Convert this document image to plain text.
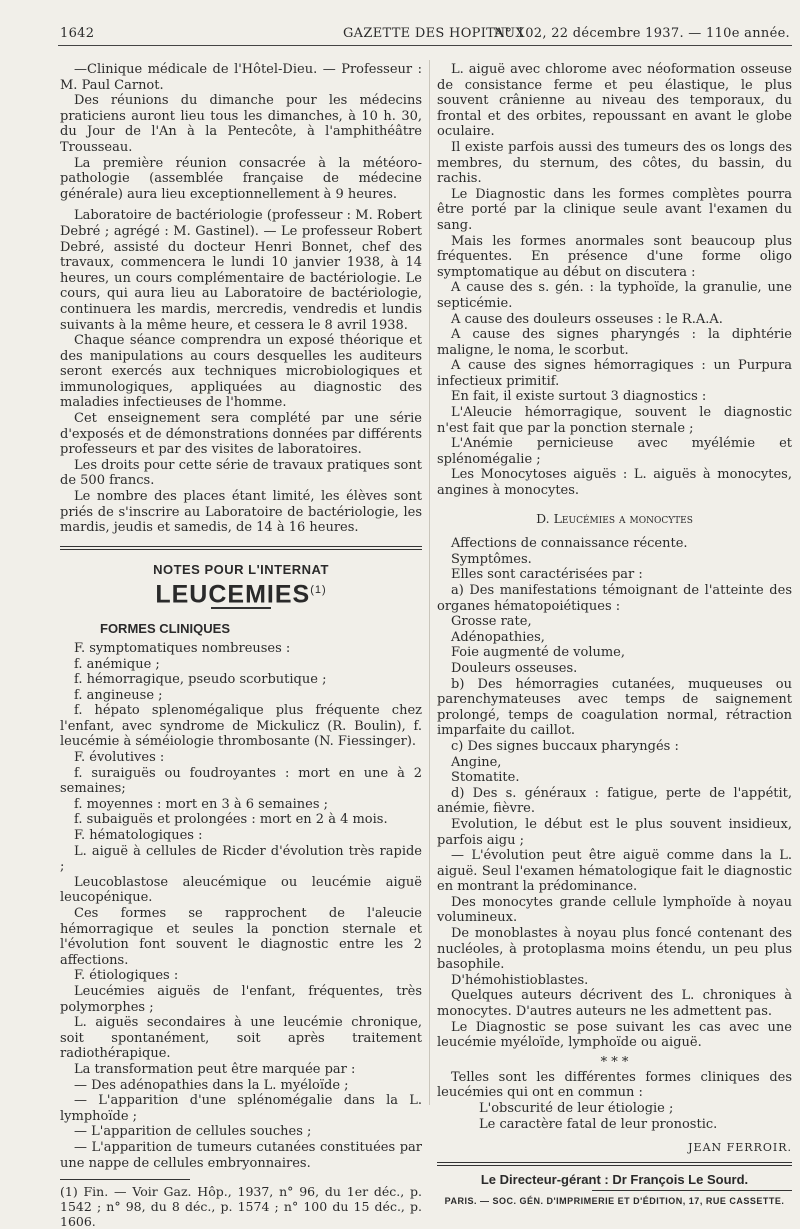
1642	GAZETTE DES HOPITAUX
N° 102, 22 décembre 1937. — 110e année.

—Clinique médicale de l'Hôtel-Dieu. — Professeur : M. Paul Carnot.

Des réunions du dimanche pour les médecins praticiens auront lieu tous les dimanches, à 10 h. 30, du Jour de l'An à la Pentecôte, à l'amphithéâtre Trousseau.

La première réunion consacrée à la météoro-pathologie (assemblée française de médecine générale) aura lieu exceptionnellement à 9 heures.

Laboratoire de bactériologie (professeur : M. Robert Debré ; agrégé : M. Gastinel). — Le professeur Robert Debré, assisté du docteur Henri Bonnet, chef des travaux, commencera le lundi 10 janvier 1938, à 14 heures, un cours complémentaire de bactériologie. Le cours, qui aura lieu au Laboratoire de bactériologie, continuera les mardis, mercredis, vendredis et lundis suivants à la même heure, et cessera le 8 avril 1938.

Chaque séance comprendra un exposé théorique et des manipulations au cours desquelles les auditeurs seront exercés aux techniques microbiologiques et immunologiques, appliquées au diagnostic des maladies infectieuses de l'homme.

Cet enseignement sera complété par une série d'exposés et de démonstrations données par différents professeurs et par des visites de laboratoires.

Les droits pour cette série de travaux pratiques sont de 500 francs.

Le nombre des places étant limité, les élèves sont priés de s'inscrire au Laboratoire de bactériologie, les mardis, jeudis et samedis, de 14 à 16 heures.

NOTES POUR L'INTERNAT
LEUCEMIES$^{(1)}$
FORMES CLINIQUES

F. symptomatiques nombreuses :

f. anémique ;

f. hémorragique, pseudo scorbutique ;

f. angineuse ;

f. hépato splenomégalique plus fréquente chez l'enfant, avec syndrome de Mickulicz (R. Boulin), f. leucémie à séméiologie thrombosante (N. Fiessinger).

F. évolutives :

f. suraiguës ou foudroyantes : mort en une à 2 semaines;

f. moyennes : mort en 3 à 6 semaines ;

f. subaiguës et prolongées : mort en 2 à 4 mois.

F. hématologiques :

L. aiguë à cellules de Ricder d'évolution très rapide ;

Leucoblastose aleucémique ou leucémie aiguë leucopénique.

Ces formes se rapprochent de l'aleucie hémorragique et seules la ponction sternale et l'évolution font souvent le diagnostic entre les 2 affections.

F. étiologiques :

Leucémies aiguës de l'enfant, fréquentes, très polymorphes ;

L. aiguës secondaires à une leucémie chronique, soit spontanément, soit après traitement radiothérapique.

La transformation peut être marquée par :

— Des adénopathies dans la L. myéloïde ;

— L'apparition d'une splénomégalie dans la L. lymphoïde ;

— L'apparition de cellules souches ;

— L'apparition de tumeurs cutanées constituées par une nappe de cellules embryonnaires.

(1) Fin. — Voir Gaz. Hôp., 1937, n° 96, du 1er déc., p. 1542 ; n° 98, du 8 déc., p. 1574 ; n° 100 du 15 déc., p. 1606.

L. aiguë avec chlorome avec néoformation osseuse de consistance ferme et peu élastique, le plus souvent crânienne au niveau des temporaux, du frontal et des orbites, repoussant en avant le globe oculaire.

Il existe parfois aussi des tumeurs des os longs des membres, du sternum, des côtes, du bassin, du rachis.

Le Diagnostic dans les formes complètes pourra être porté par la clinique seule avant l'examen du sang.

Mais les formes anormales sont beaucoup plus fréquentes. En présence d'une forme oligo symptomatique au début on discutera :

A cause des s. gén. : la typhoïde, la granulie, une septicémie.

A cause des douleurs osseuses : le R.A.A.

A cause des signes pharyngés : la diphtérie maligne, le noma, le scorbut.

A cause des signes hémorragiques : un Purpura infectieux primitif.

En fait, il existe surtout 3 diagnostics :

L'Aleucie hémorragique, souvent le diagnostic n'est fait que par la ponction sternale ;

L'Anémie pernicieuse avec myélémie et splénomégalie ;

Les Monocytoses aiguës : L. aiguës à monocytes, angines à monocytes.

D. Leucémies a monocytes

Affections de connaissance récente.

Symptômes.

Elles sont caractérisées par :

a) Des manifestations témoignant de l'atteinte des organes hématopoiétiques :

Grosse rate,

Adénopathies,

Foie augmenté de volume,

Douleurs osseuses.

b) Des hémorragies cutanées, muqueuses ou parenchymateuses avec temps de saignement prolongé, temps de coagulation normal, rétraction imparfaite du caillot.

c) Des signes buccaux pharyngés :

Angine,

Stomatite.

d) Des s. généraux : fatigue, perte de l'appétit, anémie, fièvre.

Evolution, le début est le plus souvent insidieux, parfois aigu ;

— L'évolution peut être aiguë comme dans la L. aiguë. Seul l'examen hématologique fait le diagnostic en montrant la prédominance.

Des monocytes grande cellule lymphoïde à noyau volumineux.

De monoblastes à noyau plus foncé contenant des nucléoles, à protoplasma moins étendu, un peu plus basophile.

D'hémohistioblastes.

Quelques auteurs décrivent des L. chroniques à monocytes. D'autres auteurs ne les admettent pas.

Le Diagnostic se pose suivant les cas avec une leucémie myéloïde, lymphoïde ou aiguë.

* * *

Telles sont les différentes formes cliniques des leucémies qui ont en commun :

L'obscurité de leur étiologie ;

Le caractère fatal de leur pronostic.

JEAN FERROIR.
Le Directeur-gérant : Dr François Le Sourd.
PARIS. — SOC. GÉN. D'IMPRIMERIE ET D'ÉDITION, 17, RUE CASSETTE.
